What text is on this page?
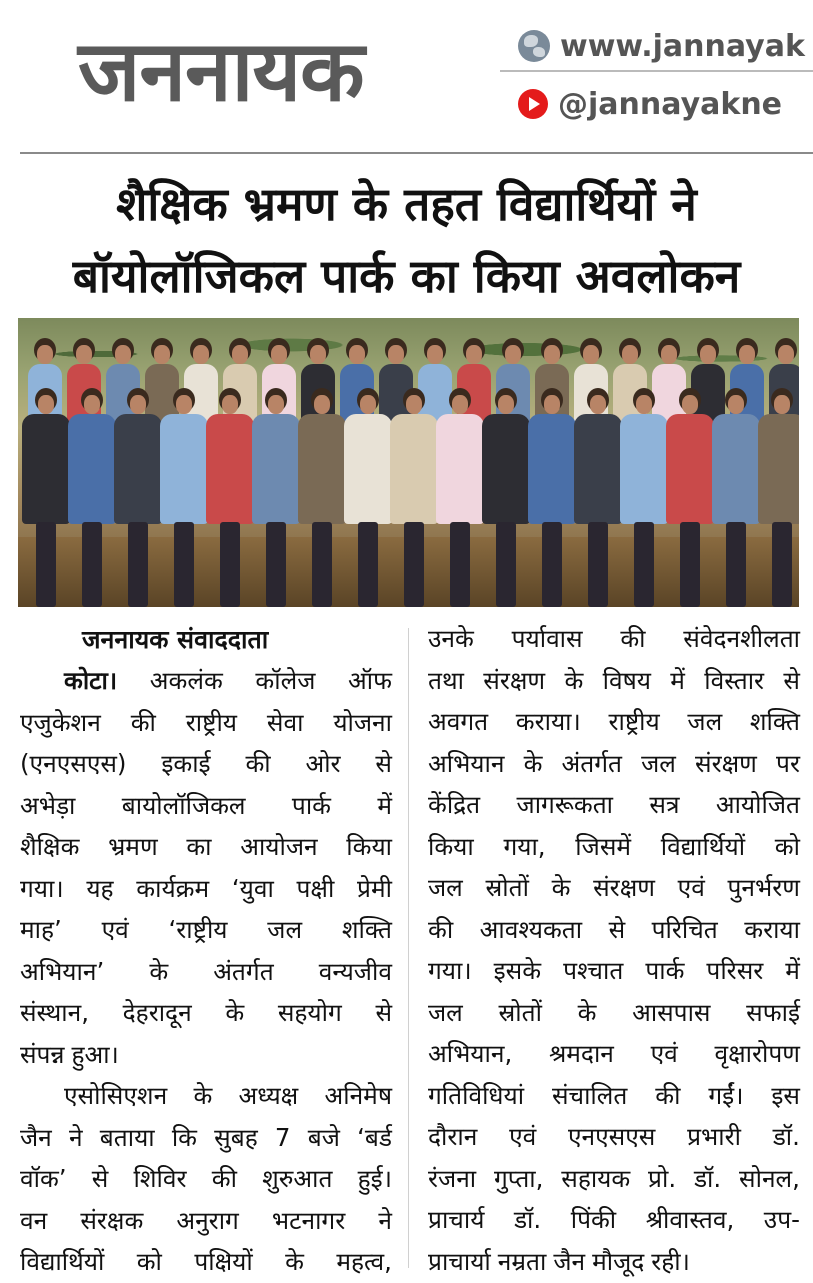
जननायक	www.jannayak
@jannayakne
शैक्षिक भ्रमण के तहत विद्यार्थियों ने
बॉयोलॉजिकल पार्क का किया अवलोकन
जननायक संवाददाता
कोटा। अकलंक कॉलेज ऑफ
एजुकेशन की राष्ट्रीय सेवा योजना
(एनएसएस) इकाई की ओर से
अभेड़ा बायोलॉजिकल पार्क में
शैक्षिक भ्रमण का आयोजन किया
गया। यह कार्यक्रम ‘युवा पक्षी प्रेमी
माह’ एवं ‘राष्ट्रीय जल शक्ति
अभियान’ के अंतर्गत वन्यजीव
संस्थान, देहरादून के सहयोग से
संपन्न हुआ।
एसोसिएशन के अध्यक्ष अनिमेष
जैन ने बताया कि सुबह 7 बजे ‘बर्ड
वॉक’ से शिविर की शुरुआत हुई।
वन संरक्षक अनुराग भटनागर ने
विद्यार्थियों को पक्षियों के महत्व,
उनके पर्यावास की संवेदनशीलता
तथा संरक्षण के विषय में विस्तार से
अवगत कराया। राष्ट्रीय जल शक्ति
अभियान के अंतर्गत जल संरक्षण पर
केंद्रित जागरूकता सत्र आयोजित
किया गया, जिसमें विद्यार्थियों को
जल स्रोतों के संरक्षण एवं पुनर्भरण
की आवश्यकता से परिचित कराया
गया। इसके पश्चात पार्क परिसर में
जल स्रोतों के आसपास सफाई
अभियान, श्रमदान एवं वृक्षारोपण
गतिविधियां संचालित की गईं। इस
दौरान एवं एनएसएस प्रभारी डॉ.
रंजना गुप्ता, सहायक प्रो. डॉ. सोनल,
प्राचार्य डॉ. पिंकी श्रीवास्तव, उप-
प्राचार्या नम्रता जैन मौजूद रही।
